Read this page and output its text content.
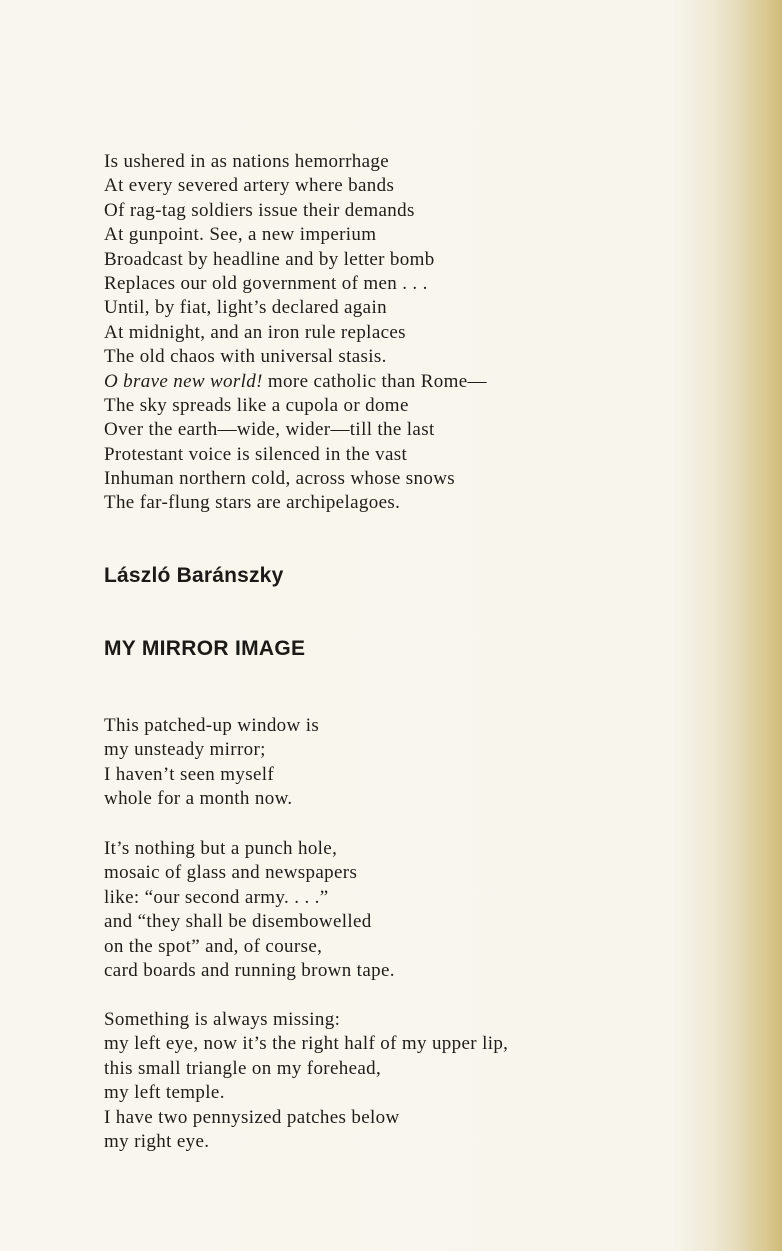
Is ushered in as nations hemorrhage
At every severed artery where bands
Of rag-tag soldiers issue their demands
At gunpoint. See, a new imperium
Broadcast by headline and by letter bomb
Replaces our old government of men . . .
Until, by fiat, light’s declared again
At midnight, and an iron rule replaces
The old chaos with universal stasis.
O brave new world! more catholic than Rome—
The sky spreads like a cupola or dome
Over the earth—wide, wider—till the last
Protestant voice is silenced in the vast
Inhuman northern cold, across whose snows
The far-flung stars are archipelagoes.
László Baránszky
MY MIRROR IMAGE
This patched-up window is
my unsteady mirror;
I haven’t seen myself
whole for a month now.
It’s nothing but a punch hole,
mosaic of glass and newspapers
like: “our second army. . . .”
and “they shall be disembowelled
on the spot” and, of course,
card boards and running brown tape.
Something is always missing:
my left eye, now it’s the right half of my upper lip,
this small triangle on my forehead,
my left temple.
I have two pennysized patches below
my right eye.
